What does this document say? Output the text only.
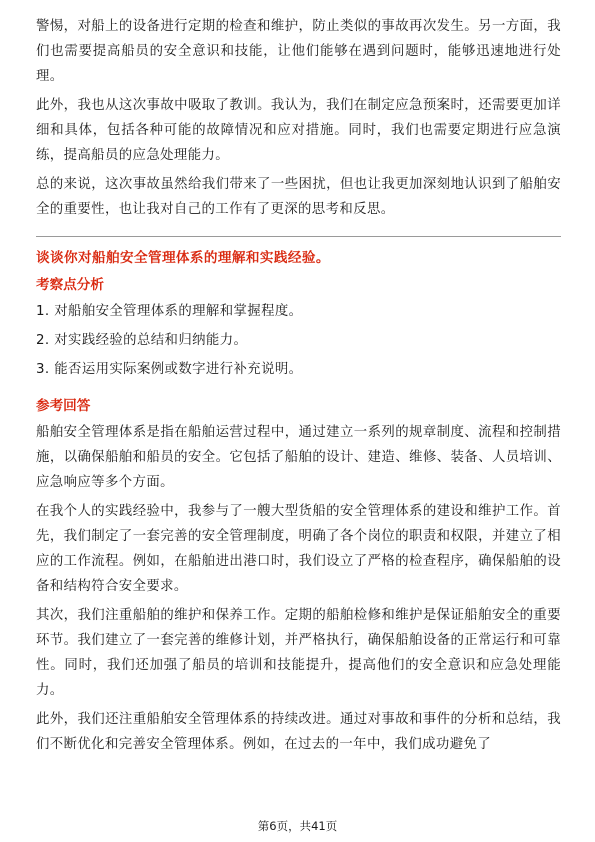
警惕，对船上的设备进行定期的检查和维护，防止类似的事故再次发生。另一方面，我们也需要提高船员的安全意识和技能，让他们能够在遇到问题时，能够迅速地进行处理。

此外，我也从这次事故中吸取了教训。我认为，我们在制定应急预案时，还需要更加详细和具体，包括各种可能的故障情况和应对措施。同时，我们也需要定期进行应急演练，提高船员的应急处理能力。

总的来说，这次事故虽然给我们带来了一些困扰，但也让我更加深刻地认识到了船舶安全的重要性，也让我对自己的工作有了更深的思考和反思。

谈谈你对船舶安全管理体系的理解和实践经验。
考察点分析
1. 对船舶安全管理体系的理解和掌握程度。
2. 对实践经验的总结和归纳能力。
3. 能否运用实际案例或数字进行补充说明。
参考回答

船舶安全管理体系是指在船舶运营过程中，通过建立一系列的规章制度、流程和控制措施，以确保船舶和船员的安全。它包括了船舶的设计、建造、维修、装备、人员培训、应急响应等多个方面。

在我个人的实践经验中，我参与了一艘大型货船的安全管理体系的建设和维护工作。首先，我们制定了一套完善的安全管理制度，明确了各个岗位的职责和权限，并建立了相应的工作流程。例如，在船舶进出港口时，我们设立了严格的检查程序，确保船舶的设备和结构符合安全要求。

其次，我们注重船舶的维护和保养工作。定期的船舶检修和维护是保证船舶安全的重要环节。我们建立了一套完善的维修计划，并严格执行，确保船舶设备的正常运行和可靠性。同时，我们还加强了船员的培训和技能提升，提高他们的安全意识和应急处理能力。

此外，我们还注重船舶安全管理体系的持续改进。通过对事故和事件的分析和总结，我们不断优化和完善安全管理体系。例如，在过去的一年中，我们成功避免了

第6页，共41页
